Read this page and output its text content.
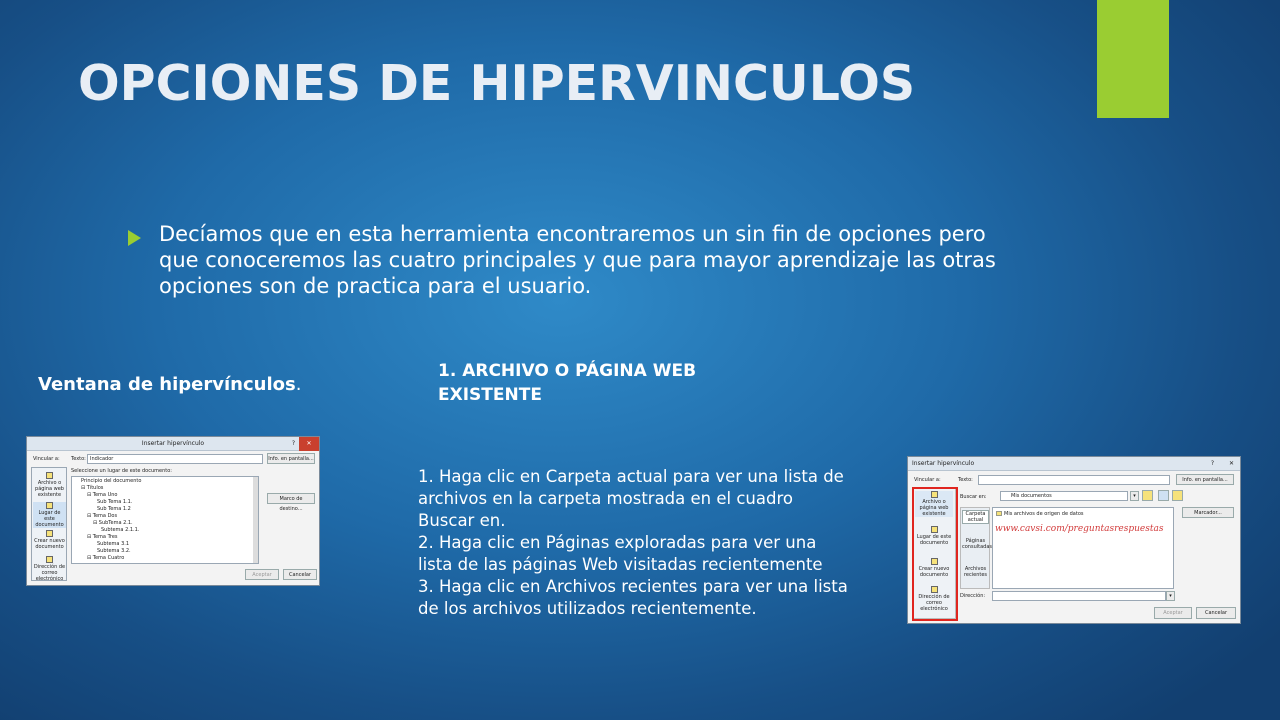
OPCIONES DE HIPERVINCULOS
Decíamos que en esta herramienta encontraremos un sin fin de opciones pero que conoceremos las cuatro principales y que para mayor aprendizaje las otras opciones son de practica para el usuario.
Ventana de hipervínculos.
1. ARCHIVO O PÁGINA WEB EXISTENTE

1. Haga clic en Carpeta actual para ver una lista de archivos en la carpeta mostrada en el cuadro Buscar en.

2. Haga clic en Páginas exploradas para ver una lista de las páginas Web visitadas recientemente

3. Haga clic en Archivos recientes para ver una lista de los archivos utilizados recientemente.

Insertar hipervínculo	?	✕
Vincular a: Texto: Indicador	Info. en pantalla...
Archivo o página web existente
Lugar de este documento
Crear nuevo documento
Dirección de correo electrónico
Seleccione un lugar de este documento:
Principio del documento
⊟ Títulos
⊟ Tema Uno
Sub Tema 1.1.
Sub Tema 1.2
⊟ Tema Dos
⊟ SubTema 2.1.
Subtema 2.1.1.
⊟ Tema Tres
Subtema 3.1
Subtema 3.2.
⊟ Tema Cuatro
Marco de destino...
Aceptar	Cancelar
Insertar hipervínculo	? ✕
Vincular a:	Texto:	Info. en pantalla...
Archivo o página web existente
Lugar de este documento
Crear nuevo documento
Dirección de correo electrónico
Buscar en:	Mis documentos	▾
Carpeta actual
Páginas consultadas
Archivos recientes
Mis archivos de origen de datos
www.cavsi.com/preguntasrespuestas
Marcador...
Dirección:	▾
Aceptar	Cancelar
